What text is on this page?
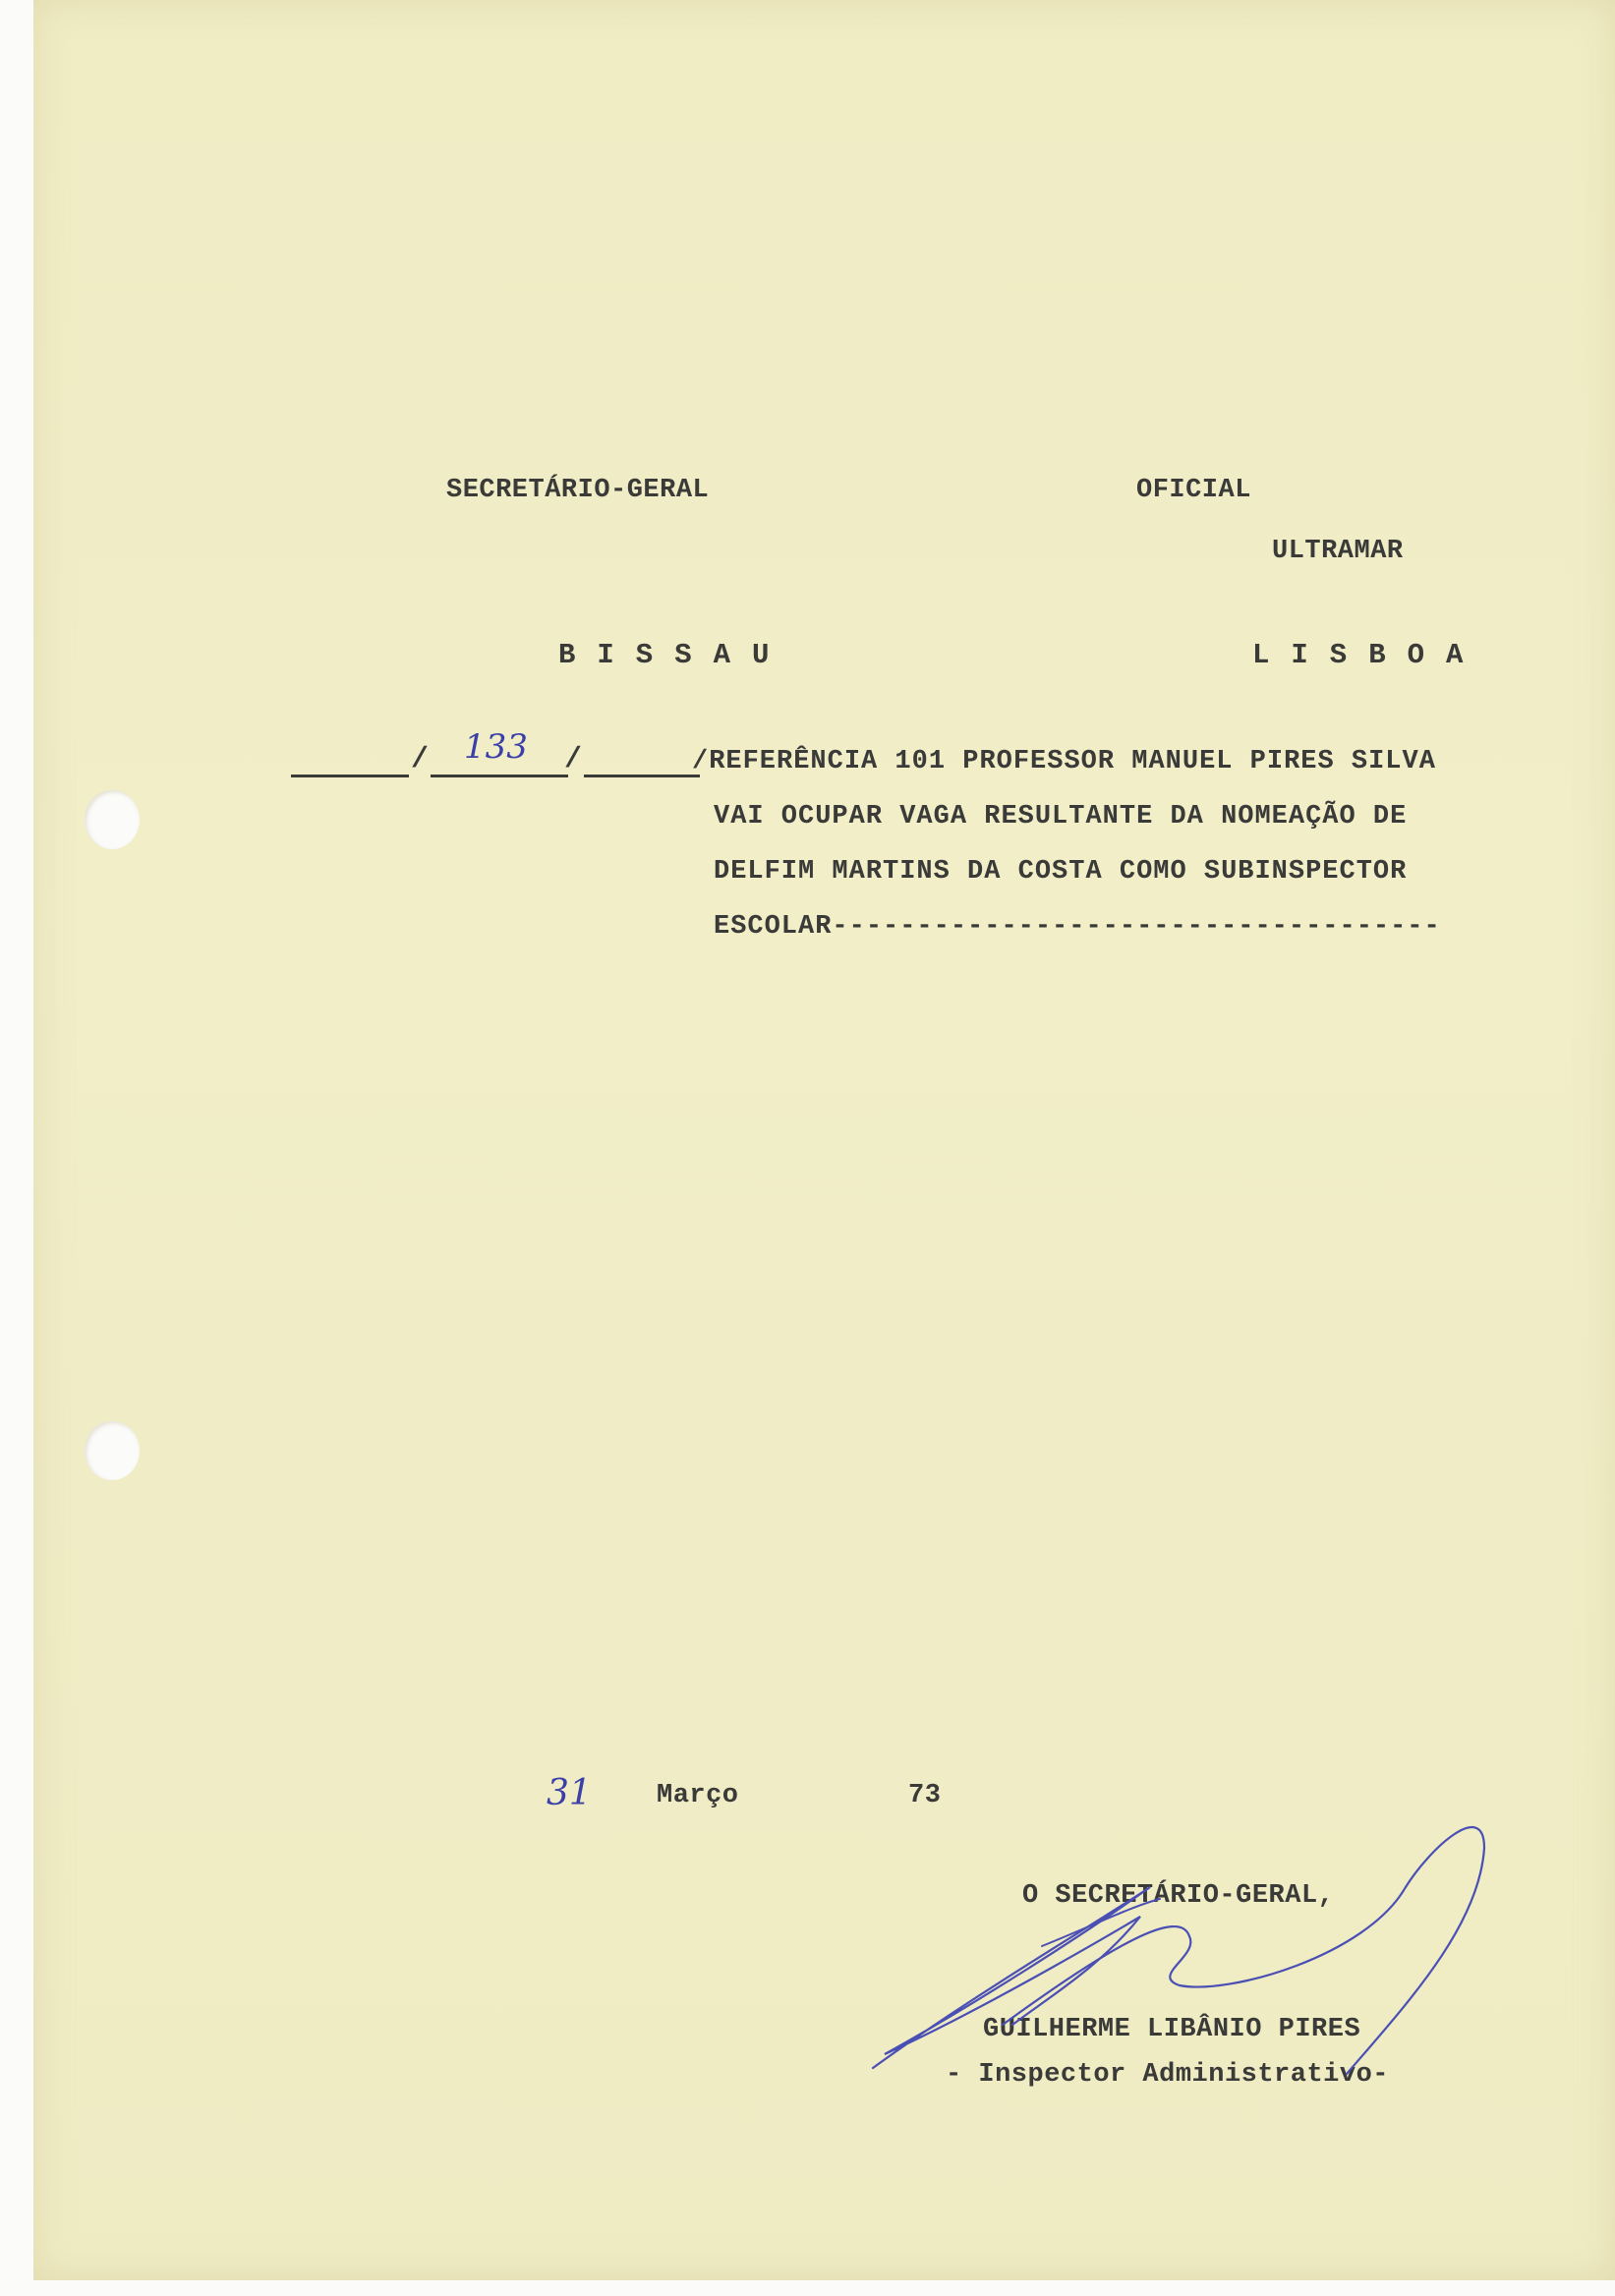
SECRETÁRIO-GERAL	OFICIAL
ULTRAMAR
BISSAU	LISBOA
/ 133 /	/REFERÊNCIA 101 PROFESSOR MANUEL PIRES SILVA
VAI OCUPAR VAGA RESULTANTE DA NOMEAÇÃO DE
DELFIM MARTINS DA COSTA COMO SUBINSPECTOR
ESCOLAR------------------------------------
31 Março	73
O SECRETÁRIO-GERAL,
GUILHERME LIBÂNIO PIRES
- Inspector Administrativo-
